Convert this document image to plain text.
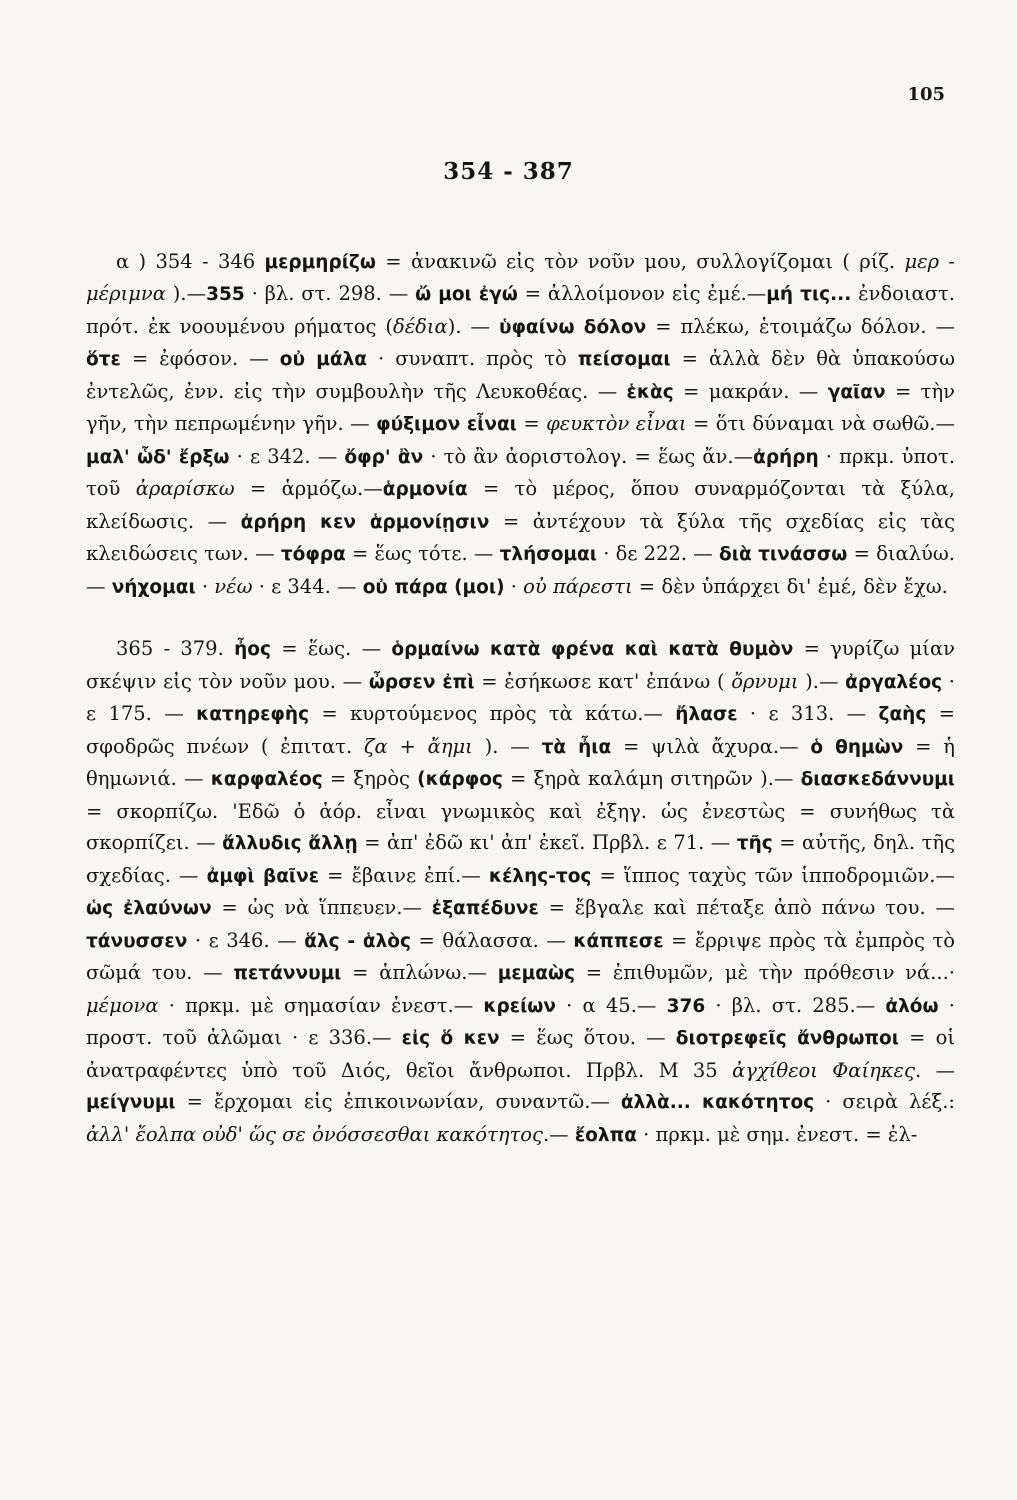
105
354 - 387

α ) 354 - 346 μερμηρίζω = ἀνακινῶ εἰς τὸν νοῦν μου, συλλογίζομαι ( ρίζ. μερ - μέριμνα ).—355 · βλ. στ. 298. — ὤ μοι ἐγώ = ἀλλοίμονον εἰς ἐμέ.—μή τις... ἐνδοιαστ. πρότ. ἐκ νοουμένου ρήματος (δέδια). — ὑφαίνω δόλον = πλέκω, ἑτοιμάζω δόλον. — ὅτε = ἐφόσον. — οὐ μάλα · συναπτ. πρὸς τὸ πείσομαι = ἀλλὰ δὲν θὰ ὑπακούσω ἐντελῶς, ἐνν. εἰς τὴν συμβουλὴν τῆς Λευκοθέας. — ἑκὰς = μακράν. — γαῖαν = τὴν γῆν, τὴν πεπρωμένην γῆν. — φύξιμον εἶναι = φευκτὸν εἶναι = ὅτι δύναμαι νὰ σωθῶ.— μαλ' ὧδ' ἔρξω · ε 342. — ὄφρ' ἂν · τὸ ἂν ἀοριστολογ. = ἕως ἄν.—ἀρήρη · πρκμ. ὑποτ. τοῦ ἀραρίσκω = ἁρμόζω.—ἁρμονία = τὸ μέρος, ὅπου συναρμόζονται τὰ ξύλα, κλείδωσις. — ἀρήρη κεν ἁρμονίῃσιν = ἀντέχουν τὰ ξύλα τῆς σχεδίας εἰς τὰς κλειδώσεις των. — τόφρα = ἕως τότε. — τλήσομαι · δε 222. — διὰ τινάσσω = διαλύω.— νήχομαι · νέω · ε 344. — οὐ πάρα (μοι) · οὐ πάρεστι = δὲν ὑπάρχει δι' ἐμέ, δὲν ἔχω.

365 - 379. ἦος = ἕως. — ὁρμαίνω κατὰ φρένα καὶ κατὰ θυμὸν = γυρίζω μίαν σκέψιν εἰς τὸν νοῦν μου. — ὦρσεν ἐπὶ = ἐσήκωσε κατ' ἐπάνω ( ὄρνυμι ).— ἀργαλέος · ε 175. — κατηρεφὴς = κυρτούμενος πρὸς τὰ κάτω.— ἤλασε · ε 313. — ζαὴς = σφοδρῶς πνέων ( ἐπιτατ. ζα + ἄημι ). — τὰ ἦια = ψιλὰ ἄχυρα.— ὁ θημὼν = ἡ θημωνιά. — καρφαλέος = ξηρὸς (κάρφος = ξηρὰ καλάμη σιτηρῶν ).— διασκεδάννυμι = σκορπίζω. 'Εδῶ ὁ ἀόρ. εἶναι γνωμικὸς καὶ ἐξηγ. ὡς ἐνεστὼς = συνήθως τὰ σκορπίζει. — ἄλλυδις ἄλλῃ = ἀπ' ἐδῶ κι' ἀπ' ἐκεῖ. Πρβλ. ε 71. — τῆς = αὐτῆς, δηλ. τῆς σχεδίας. — ἀμφὶ βαῖνε = ἔβαινε ἐπί.— κέλης-τος = ἵππος ταχὺς τῶν ἱπποδρομιῶν.— ὡς ἐλαύνων = ὡς νὰ ἵππευεν.— ἐξαπέδυνε = ἔβγαλε καὶ πέταξε ἀπὸ πάνω του. — τάνυσσεν · ε 346. — ἅλς - ἁλὸς = θάλασσα. — κάππεσε = ἔρριψε πρὸς τὰ ἐμπρὸς τὸ σῶμά του. — πετάννυμι = ἁπλώνω.— μεμαὼς = ἐπιθυμῶν, μὲ τὴν πρόθεσιν νά...· μέμονα · πρκμ. μὲ σημασίαν ἐνεστ.— κρείων · α 45.— 376 · βλ. στ. 285.— ἀλόω · προστ. τοῦ ἀλῶμαι · ε 336.— εἰς ὅ κεν = ἕως ὅτου. — διοτρεφεῖς ἄνθρωποι = οἱ ἀνατραφέντες ὑπὸ τοῦ Διός, θεῖοι ἄνθρωποι. Πρβλ. Μ 35 ἀγχίθεοι Φαίηκες. — μείγνυμι = ἔρχομαι εἰς ἐπικοινωνίαν, συναντῶ.— ἀλλὰ... κακότητος · σειρὰ λέξ.: ἀλλ' ἔολπα οὐδ' ὥς σε ὀνόσσεσθαι κακότητος.— ἔολπα · πρκμ. μὲ σημ. ἐνεστ. = ἐλ-
